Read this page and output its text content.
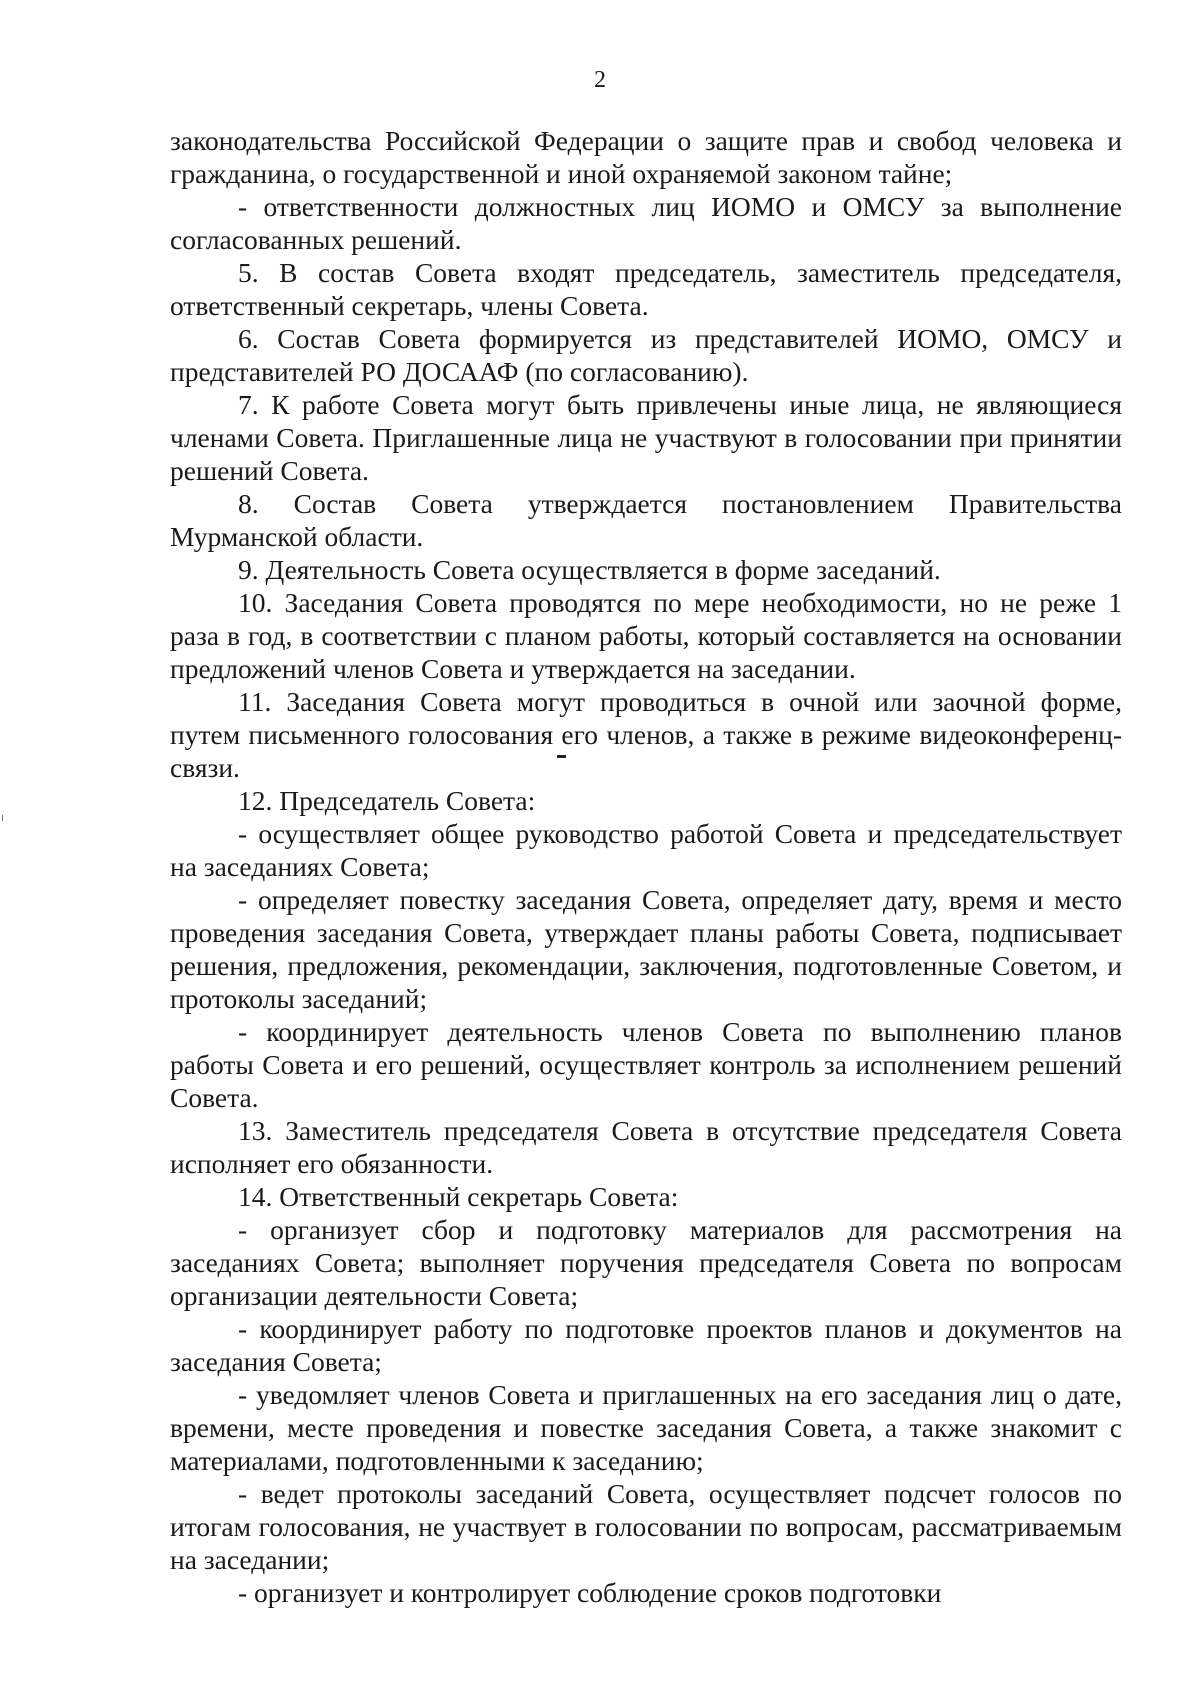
2

законодательства Российской Федерации о защите прав и свобод человека и гражданина, о государственной и иной охраняемой законом тайне;

- ответственности должностных лиц ИОМО и ОМСУ за выполнение согласованных решений.

5. В состав Совета входят председатель, заместитель председателя, ответственный секретарь, члены Совета.

6. Состав Совета формируется из представителей ИОМО, ОМСУ и представителей РО ДОСААФ (по согласованию).

7. К работе Совета могут быть привлечены иные лица, не являющиеся членами Совета. Приглашенные лица не участвуют в голосовании при принятии решений Совета.

8. Состав Совета утверждается постановлением Правительства Мурманской области.

9. Деятельность Совета осуществляется в форме заседаний.

10. Заседания Совета проводятся по мере необходимости, но не реже 1 раза в год, в соответствии с планом работы, который составляется на основании предложений членов Совета и утверждается на заседании.

11. Заседания Совета могут проводиться в очной или заочной форме, путем письменного голосования его членов, а также в режиме видеоконференц-связи.

12. Председатель Совета:

- осуществляет общее руководство работой Совета и председательствует на заседаниях Совета;

- определяет повестку заседания Совета, определяет дату, время и место проведения заседания Совета, утверждает планы работы Совета, подписывает решения, предложения, рекомендации, заключения, подготовленные Советом, и протоколы заседаний;

- координирует деятельность членов Совета по выполнению планов работы Совета и его решений, осуществляет контроль за исполнением решений Совета.

13. Заместитель председателя Совета в отсутствие председателя Совета исполняет его обязанности.

14. Ответственный секретарь Совета:

- организует сбор и подготовку материалов для рассмотрения на заседаниях Совета; выполняет поручения председателя Совета по вопросам организации деятельности Совета;

- координирует работу по подготовке проектов планов и документов на заседания Совета;

- уведомляет членов Совета и приглашенных на его заседания лиц о дате, времени, месте проведения и повестке заседания Совета, а также знакомит с материалами, подготовленными к заседанию;

- ведет протоколы заседаний Совета, осуществляет подсчет голосов по итогам голосования, не участвует в голосовании по вопросам, рассматриваемым на заседании;

- организует и контролирует соблюдение сроков подготовки
